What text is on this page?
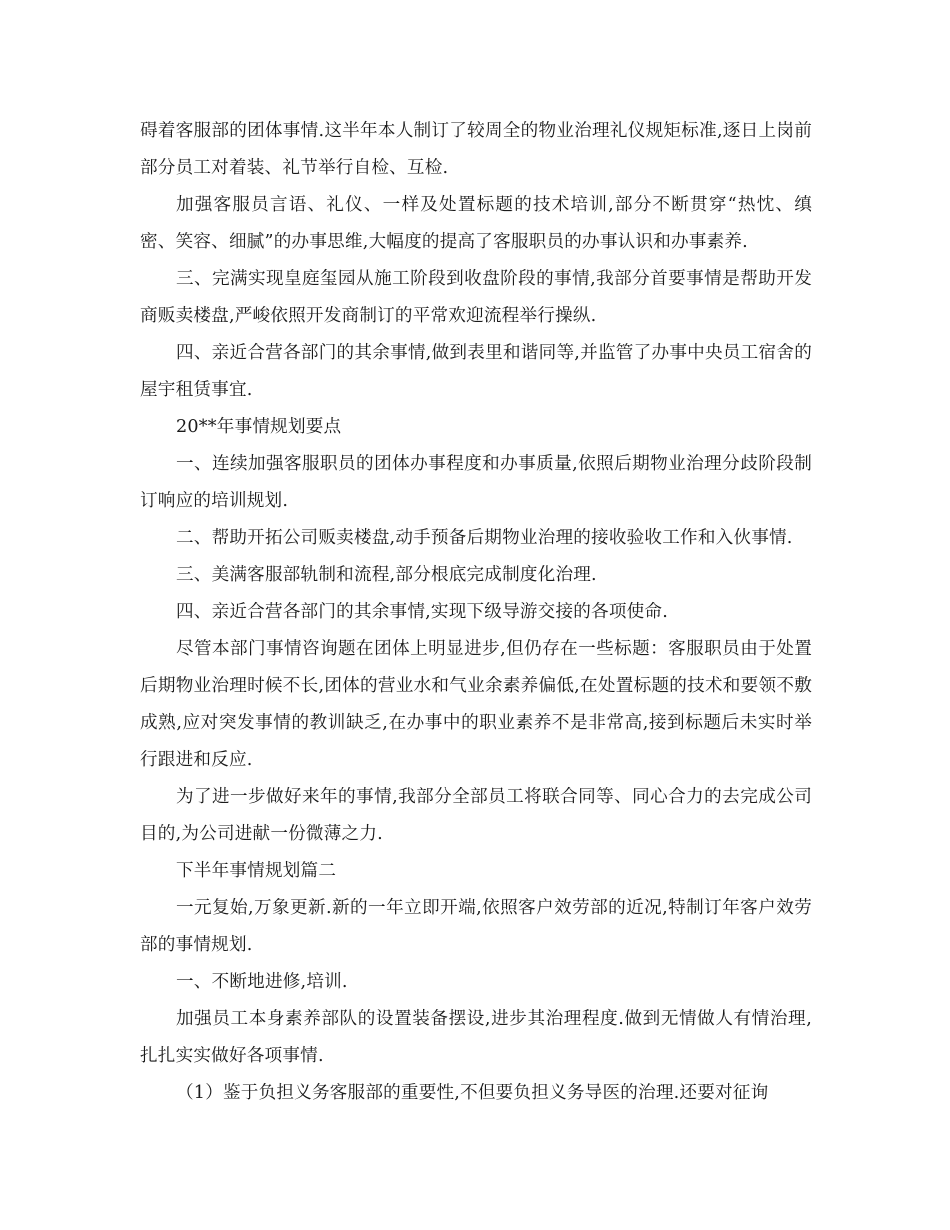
碍着客服部的团体事情.这半年本人制订了较周全的物业治理礼仪规矩标准,逐日上岗前部分员工对着装、礼节举行自检、互检.

加强客服员言语、礼仪、一样及处置标题的技术培训,部分不断贯穿“热忱、缜密、笑容、细腻”的办事思维,大幅度的提高了客服职员的办事认识和办事素养.

三、完满实现皇庭玺园从施工阶段到收盘阶段的事情,我部分首要事情是帮助开发商贩卖楼盘,严峻依照开发商制订的平常欢迎流程举行操纵.

四、亲近合营各部门的其余事情,做到表里和谐同等,并监管了办事中央员工宿舍的屋宇租赁事宜.

20**年事情规划要点

一、连续加强客服职员的团体办事程度和办事质量,依照后期物业治理分歧阶段制订响应的培训规划.

二、帮助开拓公司贩卖楼盘,动手预备后期物业治理的接收验收工作和入伙事情.

三、美满客服部轨制和流程,部分根底完成制度化治理.

四、亲近合营各部门的其余事情,实现下级导游交接的各项使命.

尽管本部门事情咨询题在团体上明显进步,但仍存在一些标题：客服职员由于处置后期物业治理时候不长,团体的营业水和气业余素养偏低,在处置标题的技术和要领不敷成熟,应对突发事情的教训缺乏,在办事中的职业素养不是非常高,接到标题后未实时举行跟进和反应.

为了进一步做好来年的事情,我部分全部员工将联合同等、同心合力的去完成公司目的,为公司进献一份微薄之力.

下半年事情规划篇二

一元复始,万象更新.新的一年立即开端,依照客户效劳部的近况,特制订年客户效劳部的事情规划.

一、不断地进修,培训.

加强员工本身素养部队的设置装备摆设,进步其治理程度.做到无情做人有情治理,扎扎实实做好各项事情.

（1）鉴于负担义务客服部的重要性,不但要负担义务导医的治理.还要对征询
